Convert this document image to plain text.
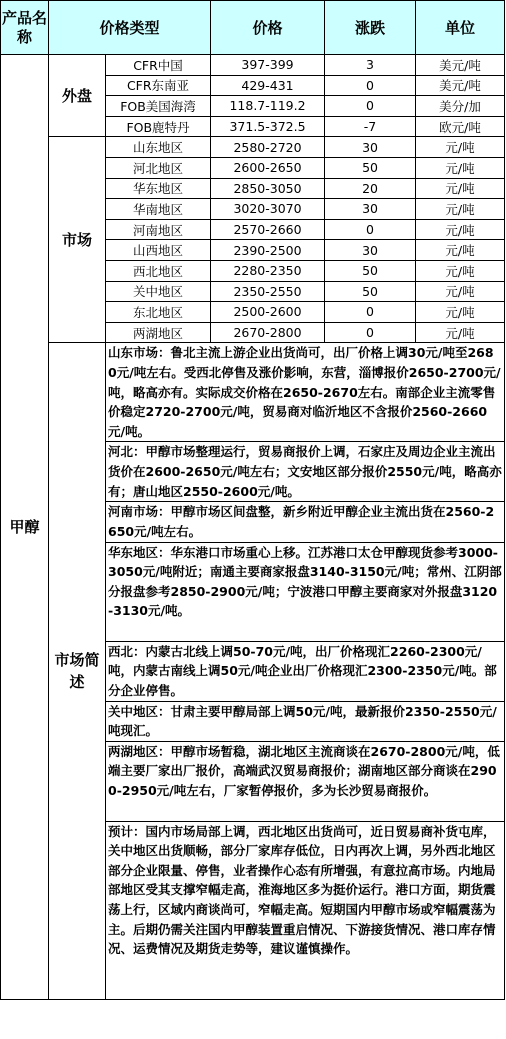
产品名称	价格类型		价格	涨跌	单位
甲醇	外盘	CFR中国	397-399	3	美元/吨
		CFR东南亚	429-431	0	美元/吨
		FOB美国海湾	118.7-119.2	0	美分/加
		FOB鹿特丹	371.5-372.5	-7	欧元/吨
	市场	山东地区	2580-2720	30	元/吨
		河北地区	2600-2650	50	元/吨
		华东地区	2850-3050	20	元/吨
		华南地区	3020-3070	30	元/吨
		河南地区	2570-2660	0	元/吨
		山西地区	2390-2500	30	元/吨
		西北地区	2280-2350	50	元/吨
		关中地区	2350-2550	50	元/吨
		东北地区	2500-2600	0	元/吨
		两湖地区	2670-2800	0	元/吨
	市场简述	山东市场：鲁北主流上游企业出货尚可，出厂价格上调30元/吨至2680元/吨左右。受西北停售及涨价影响，东营，淄博报价2650-2700元/吨，略高亦有。实际成交价格在2650-2670左右。南部企业主流零售价稳定2720-2700元/吨，贸易商对临沂地区不含报价2560-2660元/吨。			
		河北：甲醇市场整理运行，贸易商报价上调，石家庄及周边企业主流出货价在2600-2650元/吨左右；文安地区部分报价2550元/吨，略高亦有；唐山地区2550-2600元/吨。			
		河南市场：甲醇市场区间盘整，新乡附近甲醇企业主流出货在2560-2650元/吨左右。			
		华东地区：华东港口市场重心上移。江苏港口太仓甲醇现货参考3000-3050元/吨附近；南通主要商家报盘3140-3150元/吨；常州、江阴部分报盘参考2850-2900元/吨；宁波港口甲醇主要商家对外报盘3120-3130元/吨。			
		西北：内蒙古北线上调50-70元/吨，出厂价格现汇2260-2300元/吨，内蒙古南线上调50元/吨企业出厂价格现汇2300-2350元/吨。部分企业停售。			
		关中地区：甘肃主要甲醇局部上调50元/吨，最新报价2350-2550元/吨现汇。			
		两湖地区：甲醇市场暂稳，湖北地区主流商谈在2670-2800元/吨，低端主要厂家出厂报价，高端武汉贸易商报价；湖南地区部分商谈在2900-2950元/吨左右，厂家暂停报价，多为长沙贸易商报价。			
		预计：国内市场局部上调，西北地区出货尚可，近日贸易商补货屯库，关中地区出货顺畅，部分厂家库存低位，日内再次上调，另外西北地区部分企业限量、停售，业者操作心态有所增强，有意拉高市场。内地局部地区受其支撑窄幅走高，淮海地区多为挺价运行。港口方面，期货震荡上行，区域内商谈尚可，窄幅走高。短期国内甲醇市场或窄幅震荡为主。后期仍需关注国内甲醇装置重启情况、下游接货情况、港口库存情况、运费情况及期货走势等，建议谨慎操作。			
